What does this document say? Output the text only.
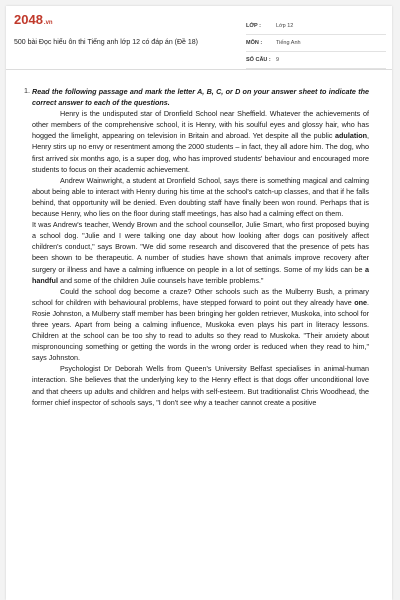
2048.vn
500 bài Đọc hiểu ôn thi Tiếng anh lớp 12 có đáp án (Đề 18)
LỚP :	Lớp 12
MÔN :	Tiếng Anh
SỐ CÂU : 9
1. Read the following passage and mark the letter A, B, C, or D on your answer sheet to indicate the correct answer to each of the questions.

Henry is the undisputed star of Dronfield School near Sheffield. Whatever the achievements of other members of the comprehensive school, it is Henry, with his soulful eyes and glossy hair, who has hogged the limelight, appearing on television in Britain and abroad. Yet despite all the public adulation, Henry stirs up no envy or resentment among the 2000 students – in fact, they all adore him. The dog, who first arrived six months ago, is a super dog, who has improved students' behaviour and encouraged more students to focus on their academic achievement.

Andrew Wainwright, a student at Dronfield School, says there is something magical and calming about being able to interact with Henry during his time at the school's catch-up classes, and that if he falls behind, that opportunity will be denied. Even doubting staff have finally been won round. Perhaps that is because Henry, who lies on the floor during staff meetings, has also had a calming effect on them.

It was Andrew's teacher, Wendy Brown and the school counsellor, Julie Smart, who first proposed buying a school dog. "Julie and I were talking one day about how looking after dogs can positively affect children's conduct," says Brown. "We did some research and discovered that the presence of pets has been shown to be therapeutic. A number of studies have shown that animals improve recovery after surgery or illness and have a calming influence on people in a lot of settings. Some of my kids can be a handful and some of the children Julie counsels have terrible problems."

Could the school dog become a craze? Other schools such as the Mulberry Bush, a primary school for children with behavioural problems, have stepped forward to point out they already have one. Rosie Johnston, a Mulberry staff member has been bringing her golden retriever, Muskoka, into school for three years. Apart from being a calming influence, Muskoka even plays his part in literacy lessons. Children at the school can be too shy to read to adults so they read to Muskoka. "Their anxiety about mispronouncing something or getting the words in the wrong order is reduced when they read to him," says Johnston.

Psychologist Dr Deborah Wells from Queen's University Belfast specialises in animal-human interaction. She believes that the underlying key to the Henry effect is that dogs offer unconditional love and that cheers up adults and children and helps with self-esteem. But traditionalist Chris Woodhead, the former chief inspector of schools says, "I don't see why a teacher cannot create a positive
